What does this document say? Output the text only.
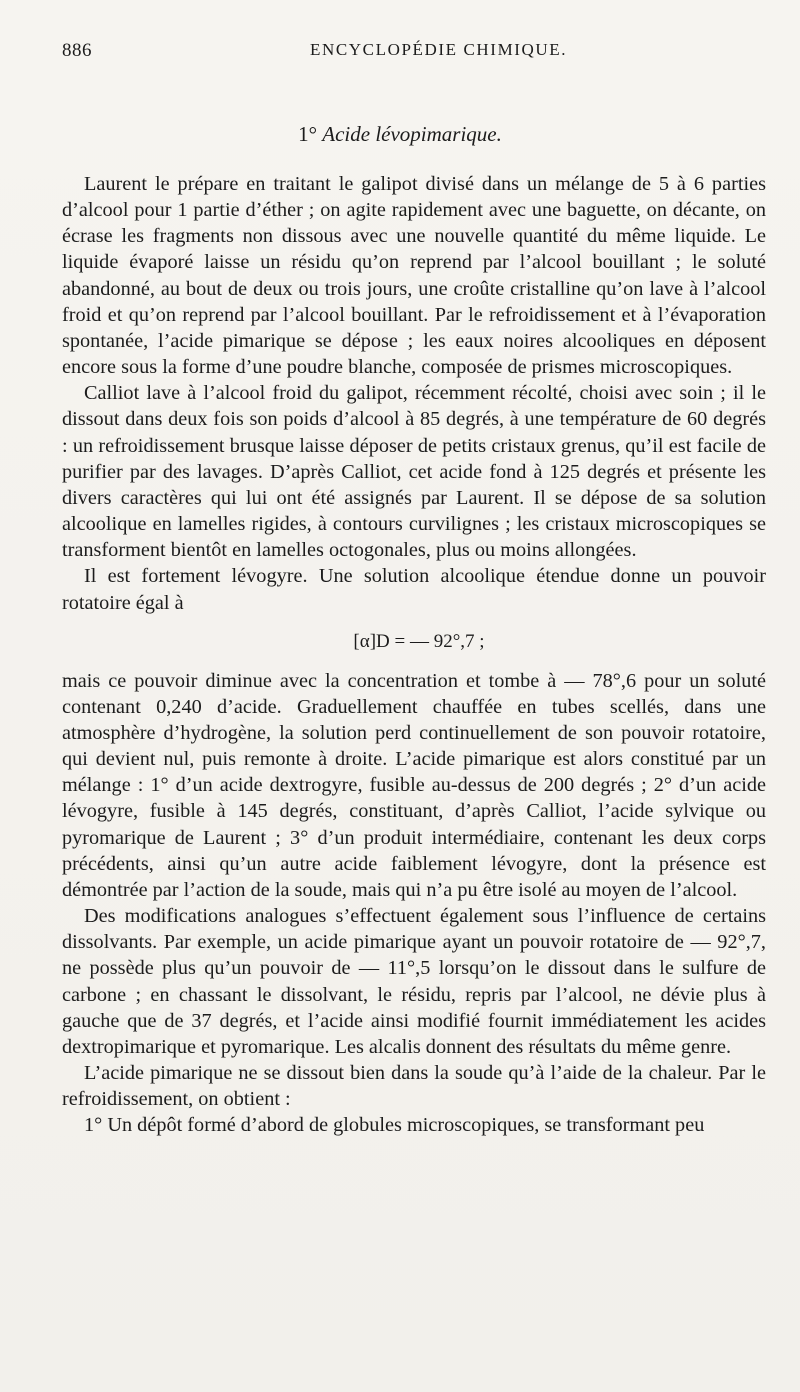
886	ENCYCLOPÉDIE CHIMIQUE.
1° Acide lévopimarique.

Laurent le prépare en traitant le galipot divisé dans un mélange de 5 à 6 parties d’alcool pour 1 partie d’éther ; on agite rapidement avec une baguette, on décante, on écrase les fragments non dissous avec une nouvelle quantité du même liquide. Le liquide évaporé laisse un résidu qu’on reprend par l’alcool bouillant ; le soluté abandonné, au bout de deux ou trois jours, une croûte cristalline qu’on lave à l’alcool froid et qu’on reprend par l’alcool bouillant. Par le refroidissement et à l’évaporation spontanée, l’acide pimarique se dépose ; les eaux noires alcooliques en déposent encore sous la forme d’une poudre blanche, composée de prismes microscopiques.

Calliot lave à l’alcool froid du galipot, récemment récolté, choisi avec soin ; il le dissout dans deux fois son poids d’alcool à 85 degrés, à une température de 60 degrés : un refroidissement brusque laisse déposer de petits cristaux grenus, qu’il est facile de purifier par des lavages. D’après Calliot, cet acide fond à 125 degrés et présente les divers caractères qui lui ont été assignés par Laurent. Il se dépose de sa solution alcoolique en lamelles rigides, à contours curvilignes ; les cristaux microscopiques se transforment bientôt en lamelles octogonales, plus ou moins allongées.

Il est fortement lévogyre. Une solution alcoolique étendue donne un pouvoir rotatoire égal à

[α]D = — 92°,7 ;

mais ce pouvoir diminue avec la concentration et tombe à — 78°,6 pour un soluté contenant 0,240 d’acide. Graduellement chauffée en tubes scellés, dans une atmosphère d’hydrogène, la solution perd continuellement de son pouvoir rotatoire, qui devient nul, puis remonte à droite. L’acide pimarique est alors constitué par un mélange : 1° d’un acide dextrogyre, fusible au-dessus de 200 degrés ; 2° d’un acide lévogyre, fusible à 145 degrés, constituant, d’après Calliot, l’acide sylvique ou pyromarique de Laurent ; 3° d’un produit intermédiaire, contenant les deux corps précédents, ainsi qu’un autre acide faiblement lévogyre, dont la présence est démontrée par l’action de la soude, mais qui n’a pu être isolé au moyen de l’alcool.

Des modifications analogues s’effectuent également sous l’influence de certains dissolvants. Par exemple, un acide pimarique ayant un pouvoir rotatoire de — 92°,7, ne possède plus qu’un pouvoir de — 11°,5 lorsqu’on le dissout dans le sulfure de carbone ; en chassant le dissolvant, le résidu, repris par l’alcool, ne dévie plus à gauche que de 37 degrés, et l’acide ainsi modifié fournit immédiatement les acides dextropimarique et pyromarique. Les alcalis donnent des résultats du même genre.

L’acide pimarique ne se dissout bien dans la soude qu’à l’aide de la chaleur. Par le refroidissement, on obtient :

1° Un dépôt formé d’abord de globules microscopiques, se transformant peu
